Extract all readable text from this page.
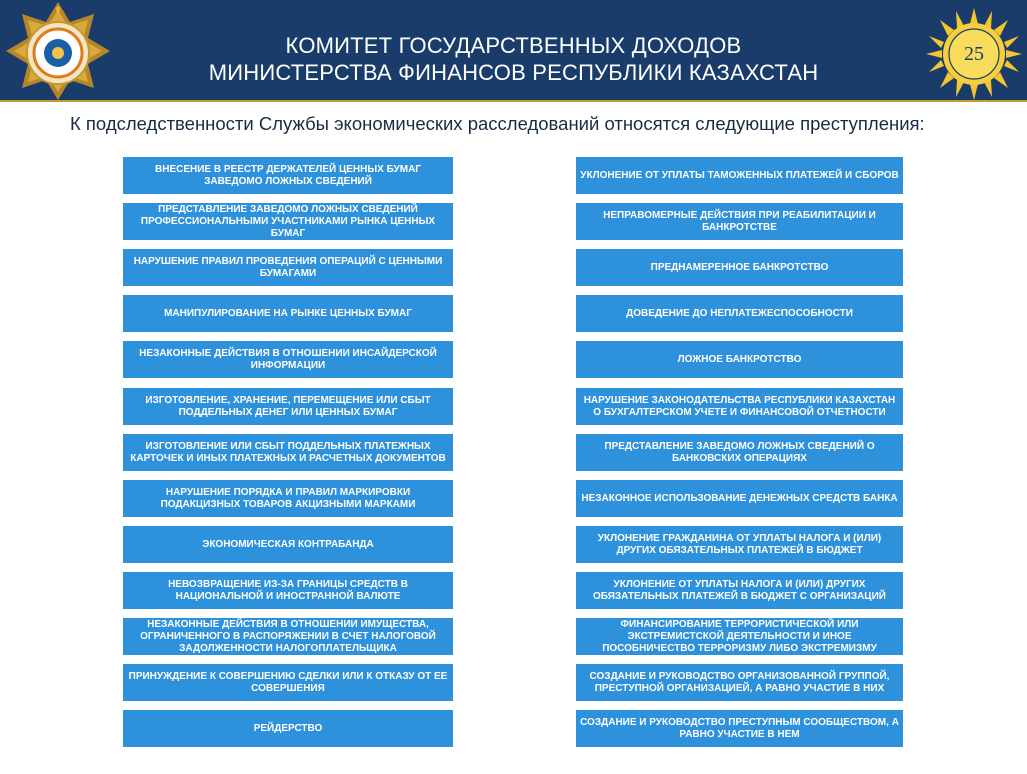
КОМИТЕТ ГОСУДАРСТВЕННЫХ ДОХОДОВ
МИНИСТЕРСТВА ФИНАНСОВ РЕСПУБЛИКИ КАЗАХСТАН
25
К подследственности Службы экономических расследований относятся следующие преступления:
ВНЕСЕНИЕ В РЕЕСТР ДЕРЖАТЕЛЕЙ ЦЕННЫХ БУМАГ ЗАВЕДОМО ЛОЖНЫХ СВЕДЕНИЙ
ПРЕДСТАВЛЕНИЕ ЗАВЕДОМО ЛОЖНЫХ СВЕДЕНИЙ ПРОФЕССИОНАЛЬНЫМИ УЧАСТНИКАМИ РЫНКА ЦЕННЫХ БУМАГ
НАРУШЕНИЕ ПРАВИЛ ПРОВЕДЕНИЯ ОПЕРАЦИЙ С ЦЕННЫМИ БУМАГАМИ
МАНИПУЛИРОВАНИЕ НА РЫНКЕ ЦЕННЫХ БУМАГ
НЕЗАКОННЫЕ ДЕЙСТВИЯ В ОТНОШЕНИИ ИНСАЙДЕРСКОЙ ИНФОРМАЦИИ
ИЗГОТОВЛЕНИЕ, ХРАНЕНИЕ, ПЕРЕМЕЩЕНИЕ ИЛИ СБЫТ ПОДДЕЛЬНЫХ ДЕНЕГ ИЛИ ЦЕННЫХ БУМАГ
ИЗГОТОВЛЕНИЕ ИЛИ СБЫТ ПОДДЕЛЬНЫХ ПЛАТЕЖНЫХ КАРТОЧЕК И ИНЫХ ПЛАТЕЖНЫХ И РАСЧЕТНЫХ ДОКУМЕНТОВ
НАРУШЕНИЕ ПОРЯДКА И ПРАВИЛ МАРКИРОВКИ ПОДАКЦИЗНЫХ ТОВАРОВ АКЦИЗНЫМИ МАРКАМИ
ЭКОНОМИЧЕСКАЯ КОНТРАБАНДА
НЕВОЗВРАЩЕНИЕ ИЗ-ЗА ГРАНИЦЫ СРЕДСТВ В НАЦИОНАЛЬНОЙ И ИНОСТРАННОЙ ВАЛЮТЕ
НЕЗАКОННЫЕ ДЕЙСТВИЯ В ОТНОШЕНИИ ИМУЩЕСТВА, ОГРАНИЧЕННОГО В РАСПОРЯЖЕНИИ В СЧЕТ НАЛОГОВОЙ ЗАДОЛЖЕННОСТИ НАЛОГОПЛАТЕЛЬЩИКА
ПРИНУЖДЕНИЕ К СОВЕРШЕНИЮ СДЕЛКИ ИЛИ К ОТКАЗУ ОТ ЕЕ СОВЕРШЕНИЯ
РЕЙДЕРСТВО
УКЛОНЕНИЕ ОТ УПЛАТЫ ТАМОЖЕННЫХ ПЛАТЕЖЕЙ И СБОРОВ
НЕПРАВОМЕРНЫЕ ДЕЙСТВИЯ ПРИ РЕАБИЛИТАЦИИ И БАНКРОТСТВЕ
ПРЕДНАМЕРЕННОЕ БАНКРОТСТВО
ДОВЕДЕНИЕ ДО НЕПЛАТЕЖЕСПОСОБНОСТИ
ЛОЖНОЕ БАНКРОТСТВО
НАРУШЕНИЕ ЗАКОНОДАТЕЛЬСТВА РЕСПУБЛИКИ КАЗАХСТАН О БУХГАЛТЕРСКОМ УЧЕТЕ И ФИНАНСОВОЙ ОТЧЕТНОСТИ
ПРЕДСТАВЛЕНИЕ ЗАВЕДОМО ЛОЖНЫХ СВЕДЕНИЙ О БАНКОВСКИХ ОПЕРАЦИЯХ
НЕЗАКОННОЕ ИСПОЛЬЗОВАНИЕ ДЕНЕЖНЫХ СРЕДСТВ БАНКА
УКЛОНЕНИЕ ГРАЖДАНИНА ОТ УПЛАТЫ НАЛОГА И (ИЛИ) ДРУГИХ ОБЯЗАТЕЛЬНЫХ ПЛАТЕЖЕЙ В БЮДЖЕТ
УКЛОНЕНИЕ ОТ УПЛАТЫ НАЛОГА И (ИЛИ) ДРУГИХ ОБЯЗАТЕЛЬНЫХ ПЛАТЕЖЕЙ В БЮДЖЕТ С ОРГАНИЗАЦИЙ
ФИНАНСИРОВАНИЕ ТЕРРОРИСТИЧЕСКОЙ ИЛИ ЭКСТРЕМИСТСКОЙ ДЕЯТЕЛЬНОСТИ И ИНОЕ ПОСОБНИЧЕСТВО ТЕРРОРИЗМУ ЛИБО ЭКСТРЕМИЗМУ
СОЗДАНИЕ И РУКОВОДСТВО ОРГАНИЗОВАННОЙ ГРУППОЙ, ПРЕСТУПНОЙ ОРГАНИЗАЦИЕЙ, А РАВНО УЧАСТИЕ В НИХ
СОЗДАНИЕ И РУКОВОДСТВО ПРЕСТУПНЫМ СООБЩЕСТВОМ, А РАВНО УЧАСТИЕ В НЕМ
